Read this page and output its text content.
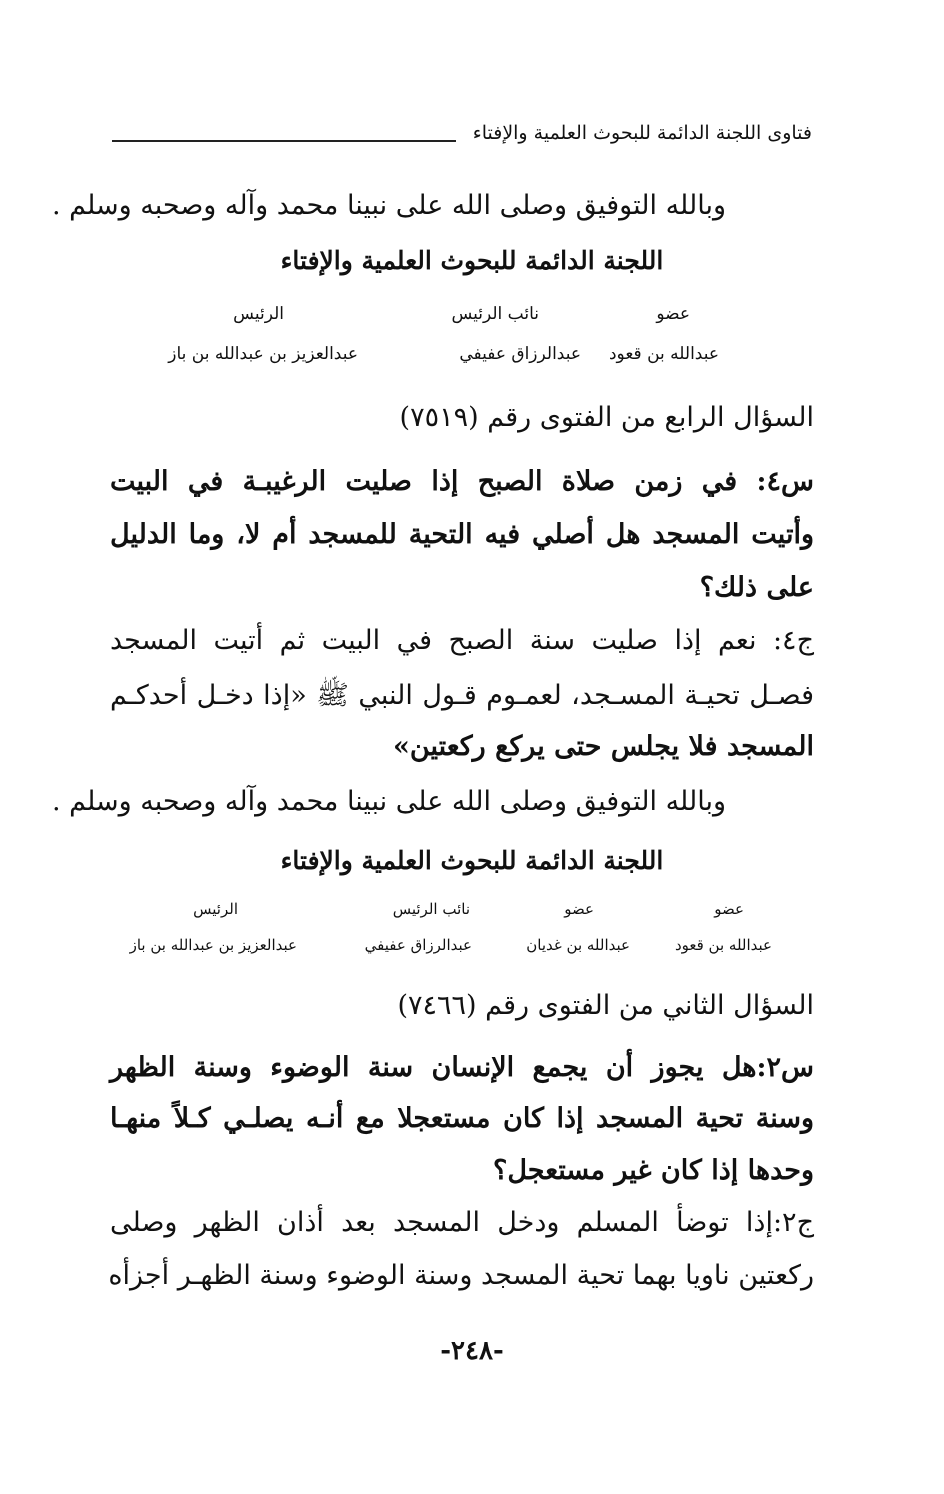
فتاوى اللجنة الدائمة للبحوث العلمية والإفتاء
وبالله التوفيق وصلى الله على نبينا محمد وآله وصحبه وسلم .
اللجنة الدائمة للبحوث العلمية والإفتاء
عضو
نائب الرئيس
الرئيس
عبدالله بن قعود
عبدالرزاق عفيفي
عبدالعزيز بن عبدالله بن باز
السؤال الرابع من الفتوى رقم (٧٥١٩)
س٤: في زمن صلاة الصبح إذا صليت الرغيبـة في البيت
وأتيت المسجد هل أصلي فيه التحية للمسجد أم لا، وما الدليل
على ذلك؟
ج٤: نعم إذا صليت سنة الصبح في البيت ثم أتيت المسجد
فصـل تحيـة المسـجد، لعمـوم قـول النبي ﷺ «إذا دخـل أحدكـم
المسجد فلا يجلس حتى يركع ركعتين»
وبالله التوفيق وصلى الله على نبينا محمد وآله وصحبه وسلم .
اللجنة الدائمة للبحوث العلمية والإفتاء
عضو
عضو
نائب الرئيس
الرئيس
عبدالله بن قعود
عبدالله بن غديان
عبدالرزاق عفيفي
عبدالعزيز بن عبدالله بن باز
السؤال الثاني من الفتوى رقم (٧٤٦٦)
س٢:هل يجوز أن يجمع الإنسان سنة الوضوء وسنة الظهر
وسنة تحية المسجد إذا كان مستعجلا مع أنـه يصلـي كـلاً منهـا
وحدها إذا كان غير مستعجل؟
ج٢:إذا توضأ المسلم ودخل المسجد بعد أذان الظهر وصلى
ركعتين ناويا بهما تحية المسجد وسنة الوضوء وسنة الظهـر أجزأه
-٢٤٨-
